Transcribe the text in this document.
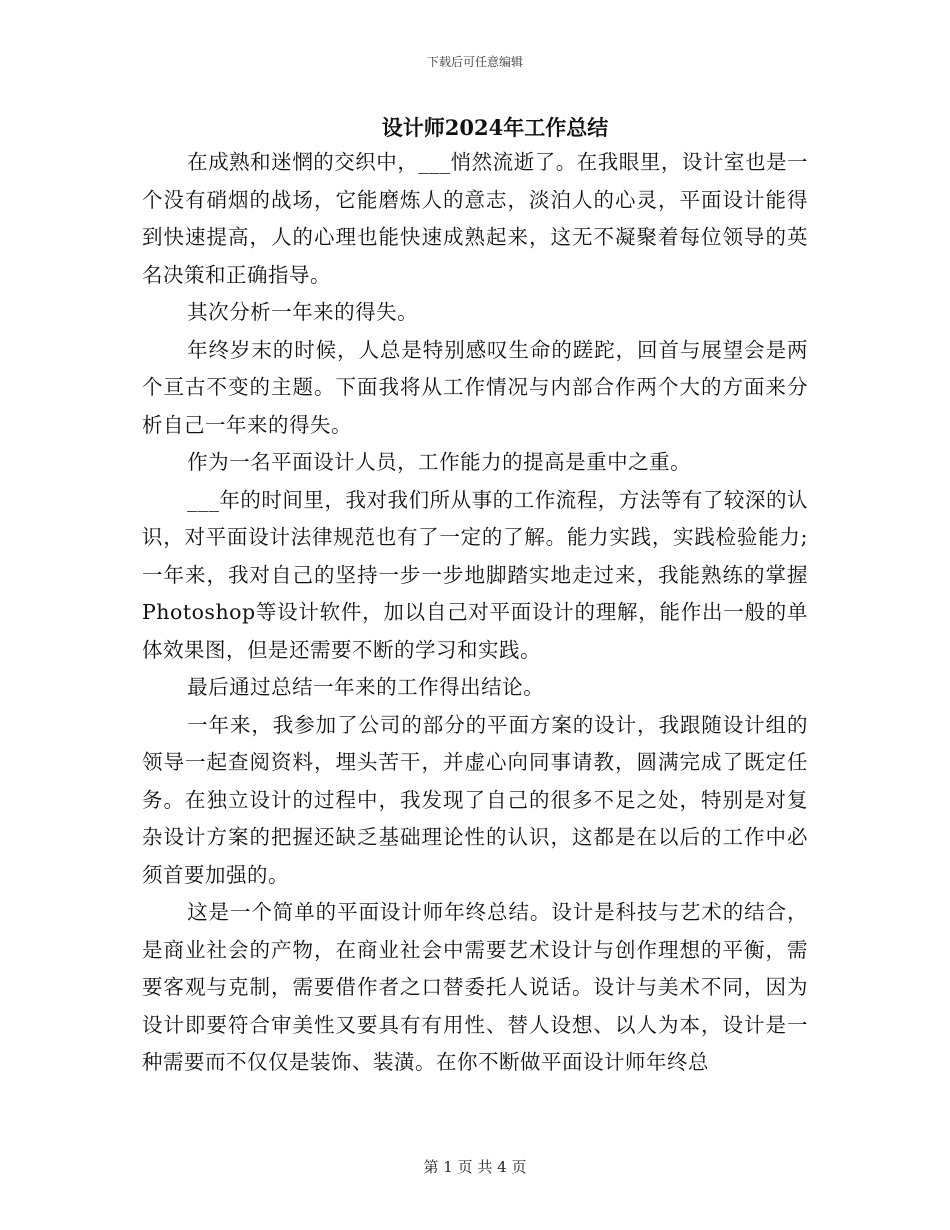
下载后可任意编辑
设计师2024年工作总结

在成熟和迷惘的交织中，___悄然流逝了。在我眼里，设计室也是一个没有硝烟的战场，它能磨炼人的意志，淡泊人的心灵，平面设计能得到快速提高，人的心理也能快速成熟起来，这无不凝聚着每位领导的英名决策和正确指导。

其次分析一年来的得失。

年终岁末的时候，人总是特别感叹生命的蹉跎，回首与展望会是两个亘古不变的主题。下面我将从工作情况与内部合作两个大的方面来分析自己一年来的得失。

作为一名平面设计人员，工作能力的提高是重中之重。

___年的时间里，我对我们所从事的工作流程，方法等有了较深的认识，对平面设计法律规范也有了一定的了解。能力实践，实践检验能力;一年来，我对自己的坚持一步一步地脚踏实地走过来，我能熟练的掌握Photoshop等设计软件，加以自己对平面设计的理解，能作出一般的单体效果图，但是还需要不断的学习和实践。

最后通过总结一年来的工作得出结论。

一年来，我参加了公司的部分的平面方案的设计，我跟随设计组的领导一起查阅资料，埋头苦干，并虚心向同事请教，圆满完成了既定任务。在独立设计的过程中，我发现了自己的很多不足之处，特别是对复杂设计方案的把握还缺乏基础理论性的认识，这都是在以后的工作中必须首要加强的。

这是一个简单的平面设计师年终总结。设计是科技与艺术的结合，是商业社会的产物，在商业社会中需要艺术设计与创作理想的平衡，需要客观与克制，需要借作者之口替委托人说话。设计与美术不同，因为设计即要符合审美性又要具有有用性、替人设想、以人为本，设计是一种需要而不仅仅是装饰、装潢。在你不断做平面设计师年终总

第 1 页 共 4 页
